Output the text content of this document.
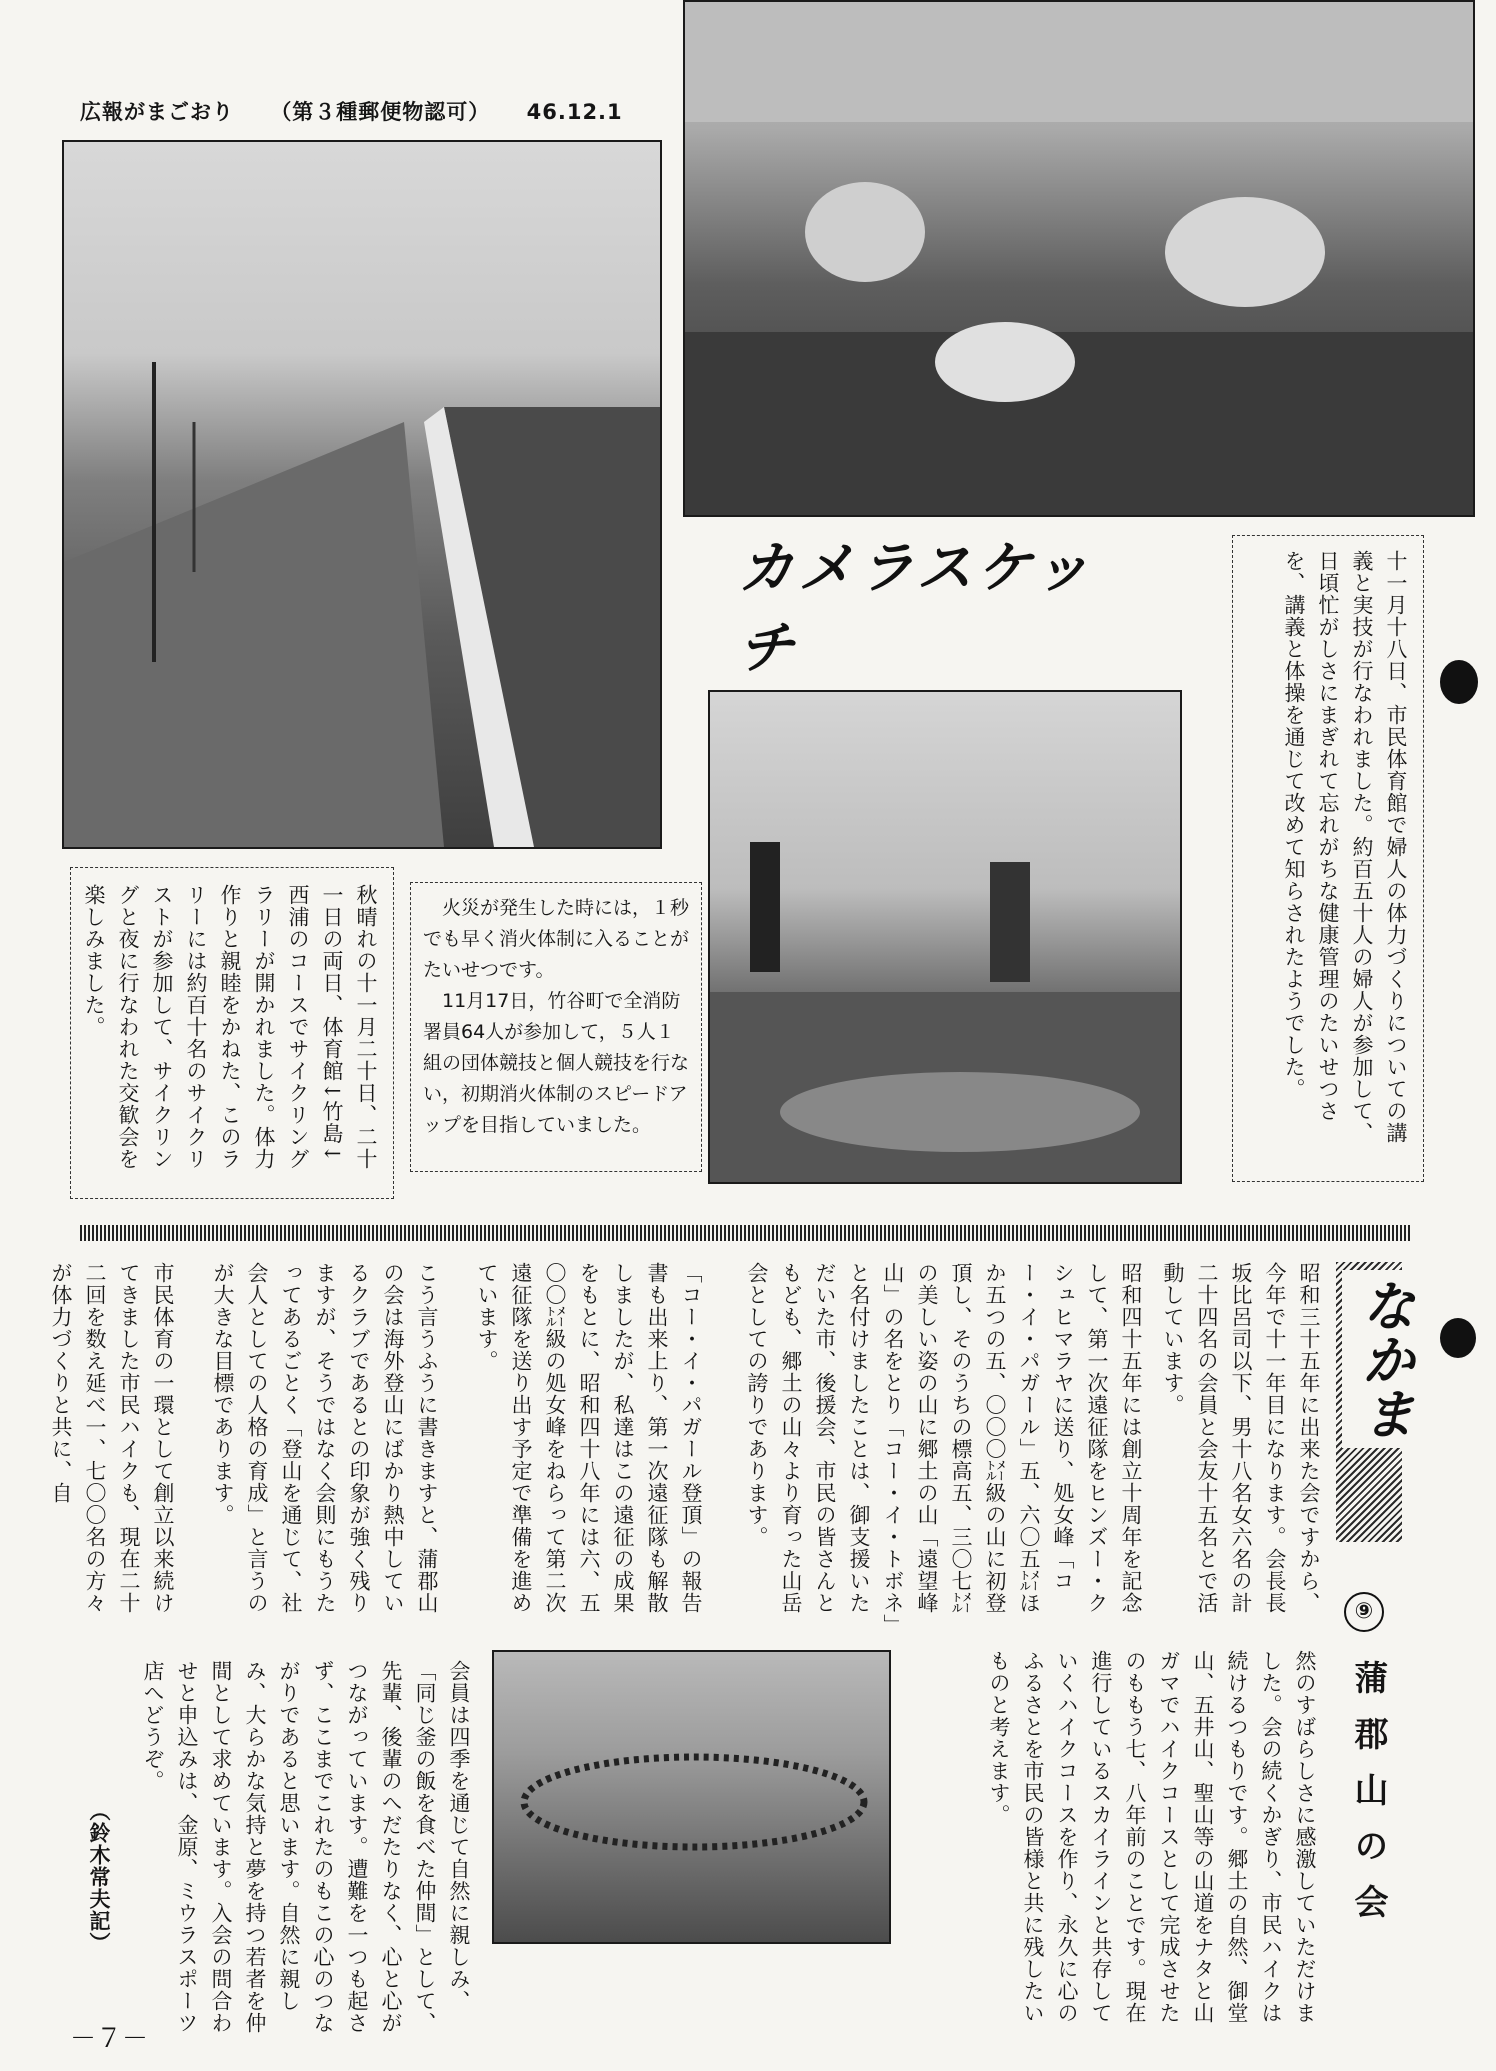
広報がまごおり （第３種郵便物認可） 46.12.1
カメラスケッチ	十一月十八日、市民体育館で婦人の体力づくりについての講義と実技が行なわれました。約百五十人の婦人が参加して、日頃忙がしさにまぎれて忘れがちな健康管理のたいせつさを、講義と体操を通じて改めて知らされたようでした。
秋晴れの十一月二十日、二十一日の両日、体育館↓竹島↓西浦のコースでサイクリングラリーが開かれました。体力作りと親睦をかねた、このラリーには約百十名のサイクリストが参加して、サイクリングと夜に行なわれた交歓会を楽しみました。	火災が発生した時には，１秒でも早く消火体制に入ることがたいせつです。

11月17日，竹谷町で全消防署員64人が参加して，５人１組の団体競技と個人競技を行ない，初期消火体制のスピードアップを目指していました。

なかま
⑨
蒲郡山の会
昭和三十五年に出来た会ですから、今年で十一年目になります。会長長坂比呂司以下、男十八名女六名の計二十四名の会員と会友十五名とで活動しています。
昭和四十五年には創立十周年を記念して、第一次遠征隊をヒンズー・クシュヒマラヤに送り、処女峰「コー・イ・パガール」五、六〇五㍍ほか五つの五、〇〇〇㍍級の山に初登頂し、そのうちの標高五、三〇七㍍の美しい姿の山に郷土の山「遠望峰山」の名をとり「コー・イ・トボネ」と名付けましたことは、御支援いただいた市、後援会、市民の皆さんともども、郷土の山々より育った山岳会としての誇りであります。
「コー・イ・パガール登頂」の報告書も出来上り、第一次遠征隊も解散しましたが、私達はこの遠征の成果をもとに、昭和四十八年には六、五〇〇㍍級の処女峰をねらって第二次遠征隊を送り出す予定で準備を進めています。
こう言うふうに書きますと、蒲郡山の会は海外登山にばかり熱中しているクラブであるとの印象が強く残りますが、そうではなく会則にもうたってあるごとく「登山を通じて、社会人としての人格の育成」と言うのが大きな目標であります。
市民体育の一環として創立以来続けてきました市民ハイクも、現在二十二回を数え延べ一、七〇〇名の方々が体力づくりと共に、自
然のすばらしさに感激していただけました。会の続くかぎり、市民ハイクは続けるつもりです。郷土の自然、御堂山、五井山、聖山等の山道をナタと山ガマでハイクコースとして完成させたのももう七、八年前のことです。現在進行しているスカイラインと共存していくハイクコースを作り、永久に心のふるさとを市民の皆様と共に残したいものと考えます。
会員は四季を通じて自然に親しみ、「同じ釜の飯を食べた仲間」として、先輩、後輩のへだたりなく、心と心がつながっています。遭難を一つも起さず、ここまでこれたのもこの心のつながりであると思います。自然に親しみ、大らかな気持と夢を持つ若者を仲間として求めています。入会の問合わせと申込みは、金原、ミウラスポーツ店へどうぞ。
（鈴木常夫記）
－７－
